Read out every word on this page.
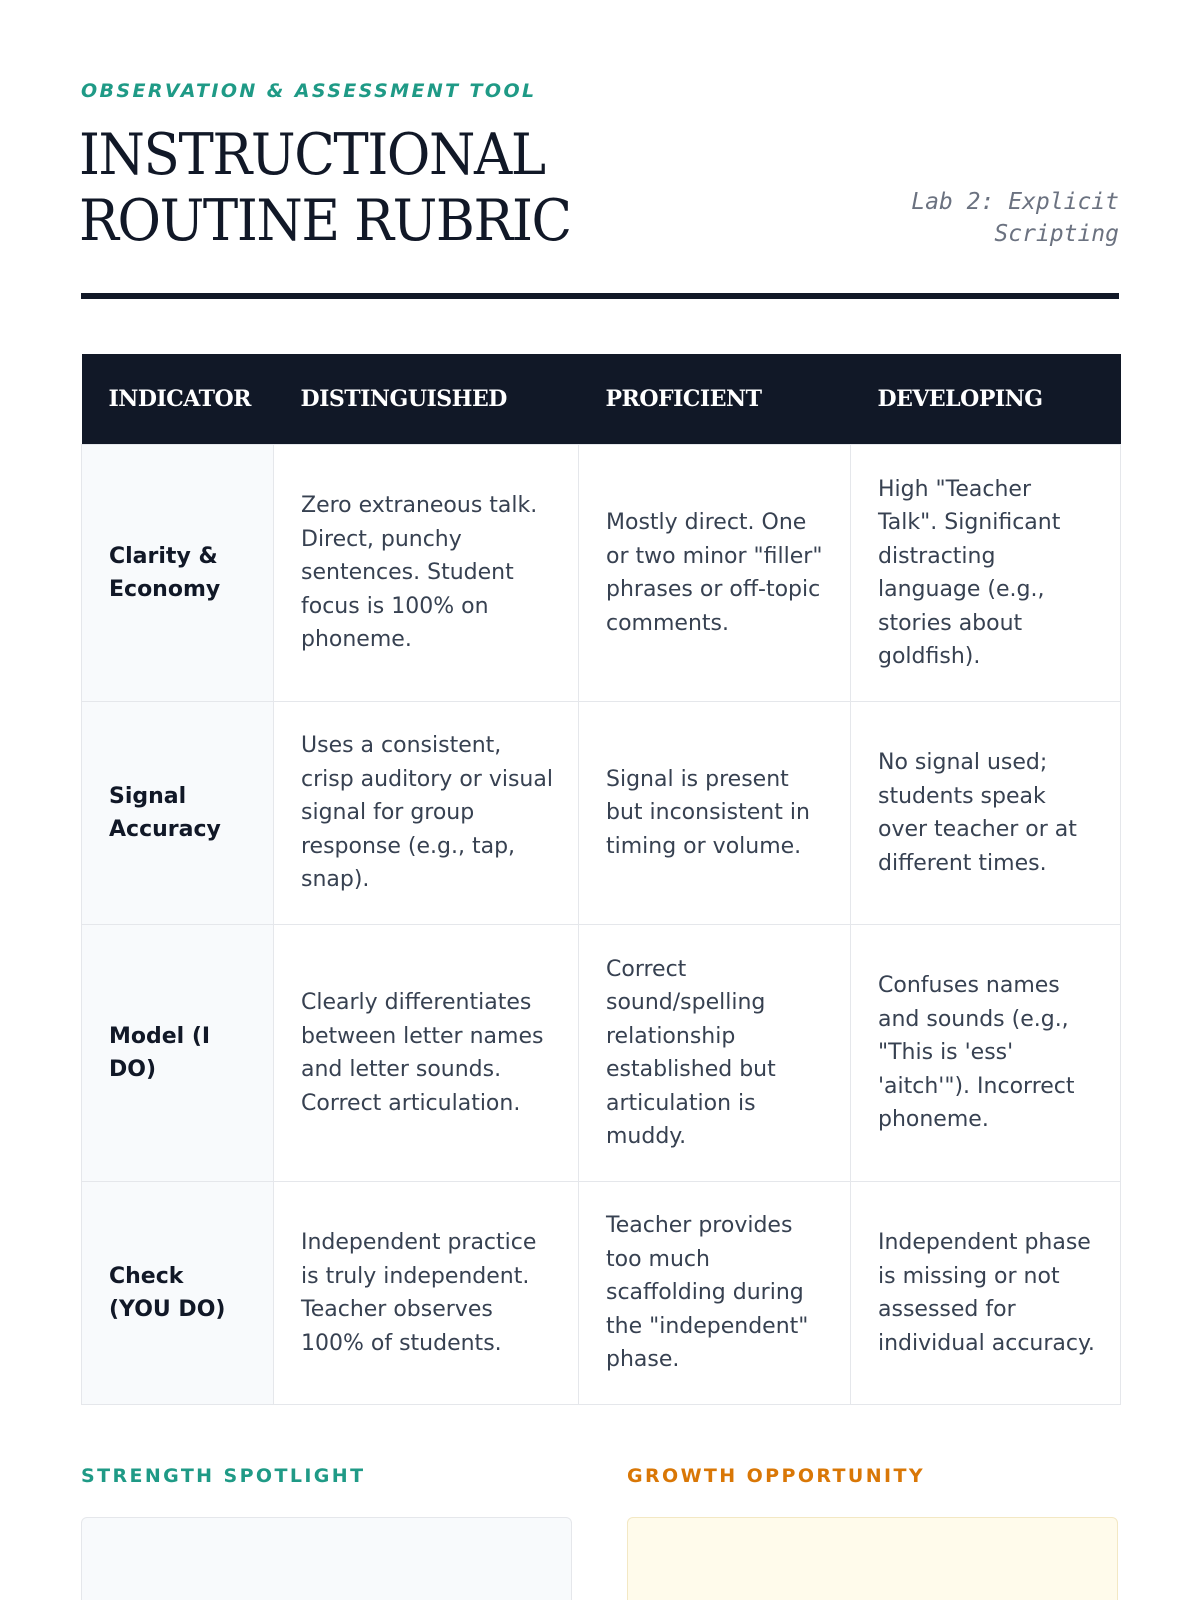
OBSERVATION & ASSESSMENT TOOL
INSTRUCTIONAL ROUTINE RUBRIC	Lab 2: Explicit Scripting
INDICATOR	DISTINGUISHED	PROFICIENT	DEVELOPING
Clarity & Economy	Zero extraneous talk. Direct, punchy sentences. Student focus is 100% on phoneme.	Mostly direct. One or two minor "filler" phrases or off-topic comments.	High "Teacher Talk". Significant distracting language (e.g., stories about goldfish).
Signal Accuracy	Uses a consistent, crisp auditory or visual signal for group response (e.g., tap, snap).	Signal is present but inconsistent in timing or volume.	No signal used; students speak over teacher or at different times.
Model (I DO)	Clearly differentiates between letter names and letter sounds. Correct articulation.	Correct sound/spelling relationship established but articulation is muddy.	Confuses names and sounds (e.g., "This is 'ess' 'aitch'"). Incorrect phoneme.
Check (YOU DO)	Independent practice is truly independent. Teacher observes 100% of students.	Teacher provides too much scaffolding during the "independent" phase.	Independent phase is missing or not assessed for individual accuracy.
STRENGTH SPOTLIGHT	GROWTH OPPORTUNITY
